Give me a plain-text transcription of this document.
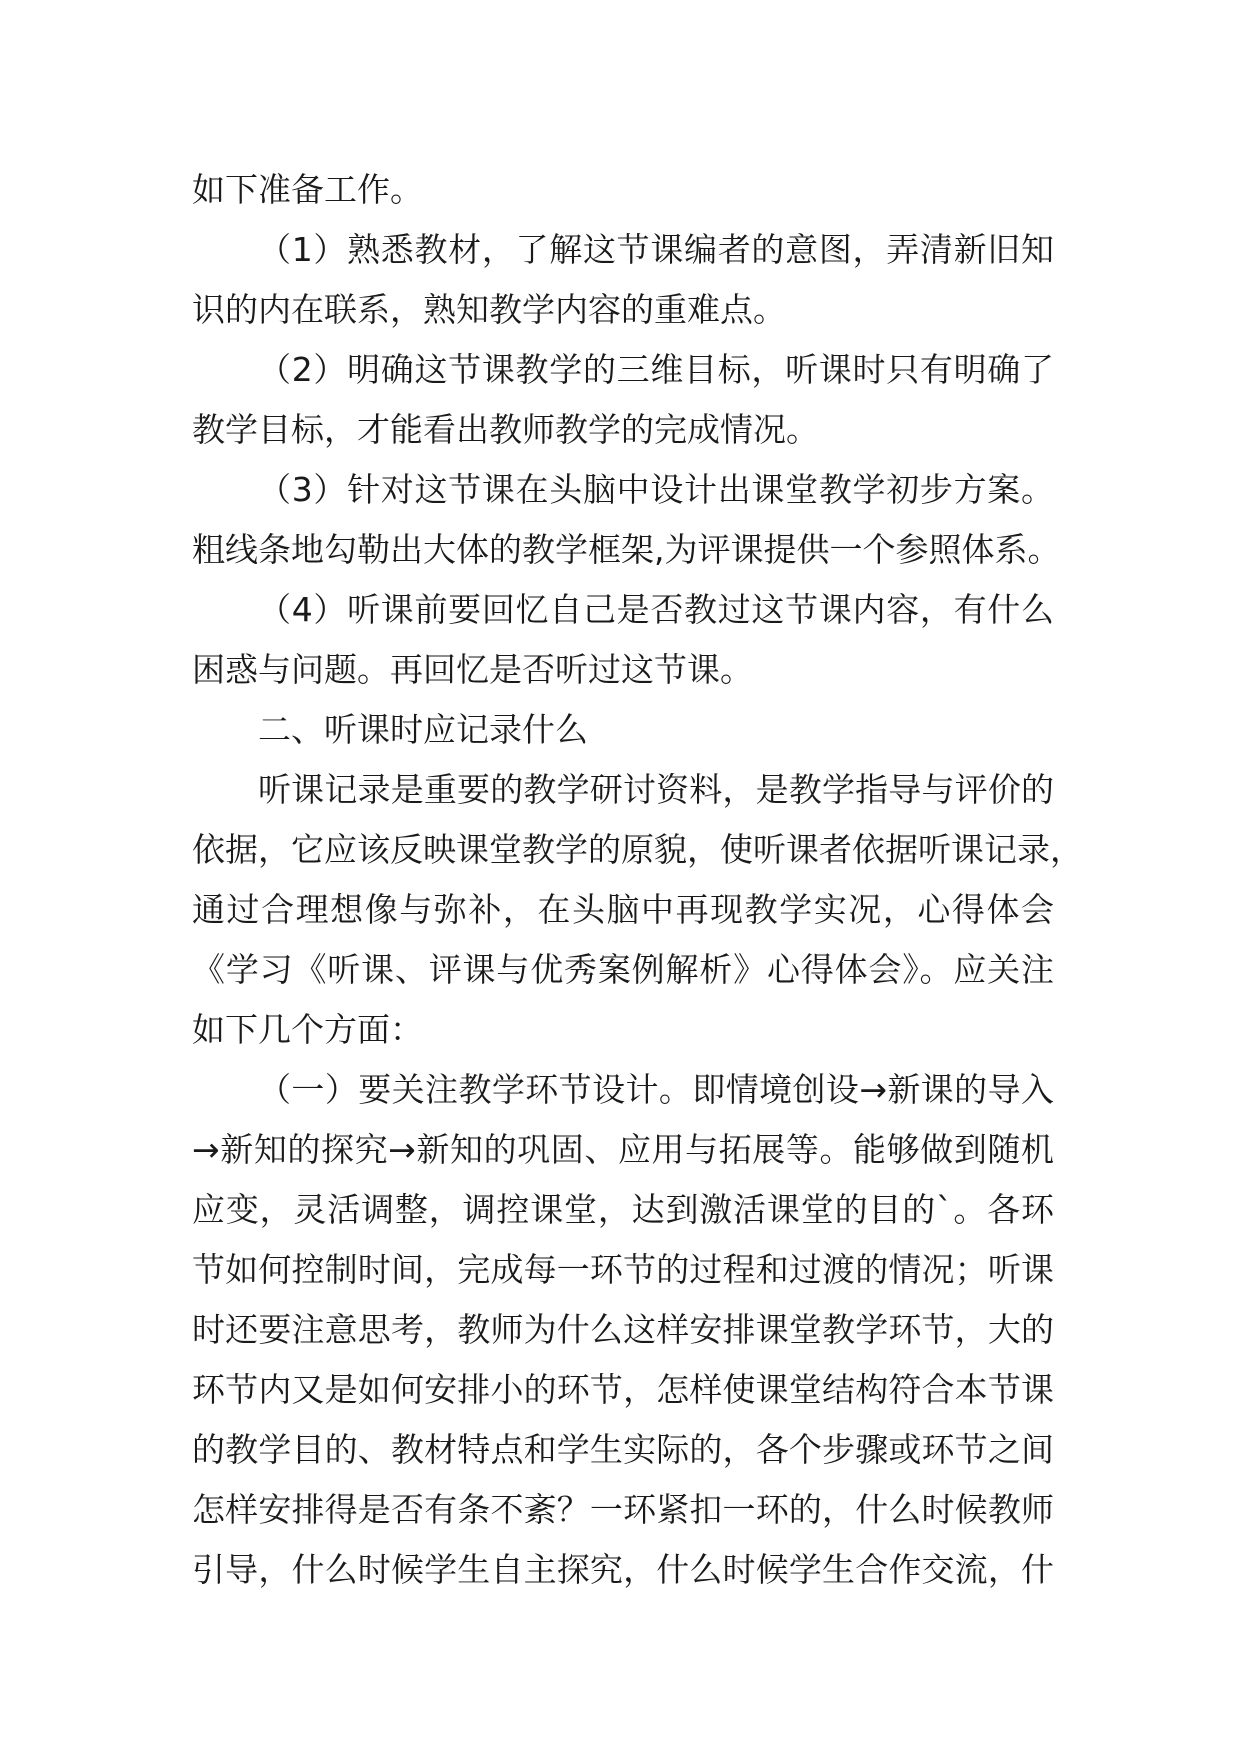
如下准备工作。
（1）熟悉教材，了解这节课编者的意图，弄清新旧知
识的内在联系，熟知教学内容的重难点。
（2）明确这节课教学的三维目标，听课时只有明确了
教学目标，才能看出教师教学的完成情况。
（3）针对这节课在头脑中设计出课堂教学初步方案。
粗线条地勾勒出大体的教学框架,为评课提供一个参照体系。
（4）听课前要回忆自己是否教过这节课内容，有什么
困惑与问题。再回忆是否听过这节课。
二、听课时应记录什么
听课记录是重要的教学研讨资料，是教学指导与评价的
依据，它应该反映课堂教学的原貌，使听课者依据听课记录，
通过合理想像与弥补，在头脑中再现教学实况，心得体会
《学习《听课、评课与优秀案例解析》心得体会》。应关注
如下几个方面：
（一）要关注教学环节设计。即情境创设→新课的导入
→新知的探究→新知的巩固、应用与拓展等。能够做到随机
应变，灵活调整，调控课堂，达到激活课堂的目的`。各环
节如何控制时间，完成每一环节的过程和过渡的情况；听课
时还要注意思考，教师为什么这样安排课堂教学环节，大的
环节内又是如何安排小的环节，怎样使课堂结构符合本节课
的教学目的、教材特点和学生实际的，各个步骤或环节之间
怎样安排得是否有条不紊？一环紧扣一环的，什么时候教师
引导，什么时候学生自主探究，什么时候学生合作交流，什
